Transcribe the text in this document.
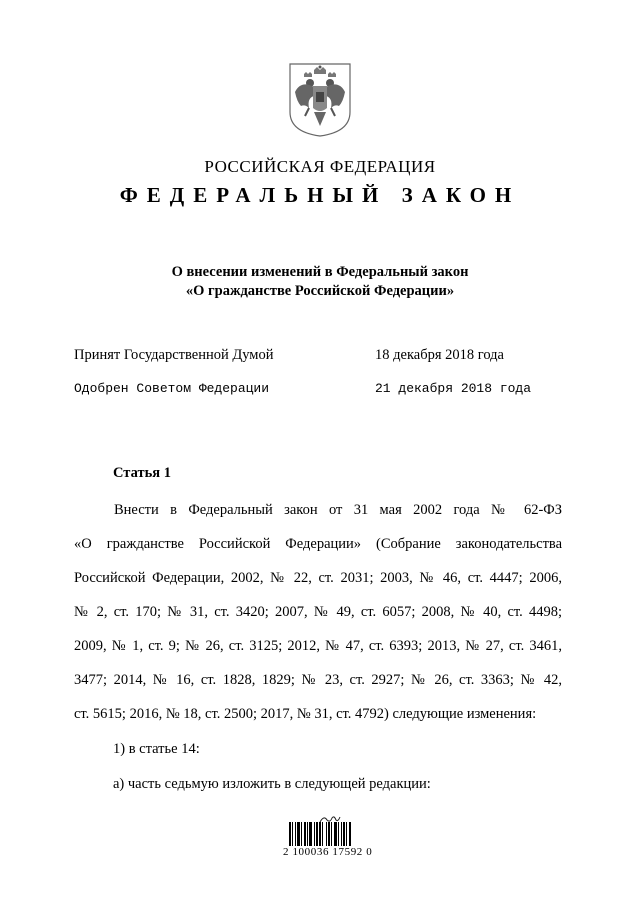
РОССИЙСКАЯ ФЕДЕРАЦИЯ
ФЕДЕРАЛЬНЫЙ ЗАКОН
О внесении изменений в Федеральный закон
«О гражданстве Российской Федерации»
Принят Государственной Думой	18 декабря 2018 года
Одобрен Советом Федерации	21 декабря 2018 года
Статья 1
Внести в Федеральный закон от 31 мая 2002 года № 62-ФЗ
«О гражданстве Российской Федерации» (Собрание законодательства
Российской Федерации, 2002, № 22, ст. 2031; 2003, № 46, ст. 4447; 2006,
№ 2, ст. 170; № 31, ст. 3420; 2007, № 49, ст. 6057; 2008, № 40, ст. 4498;
2009, № 1, ст. 9; № 26, ст. 3125; 2012, № 47, ст. 6393; 2013, № 27, ст. 3461,
3477; 2014, № 16, ст. 1828, 1829; № 23, ст. 2927; № 26, ст. 3363; № 42,
ст. 5615; 2016, № 18, ст. 2500; 2017, № 31, ст. 4792) следующие изменения:
1) в статье 14:
а) часть седьмую изложить в следующей редакции:
2 100036 17592 0
